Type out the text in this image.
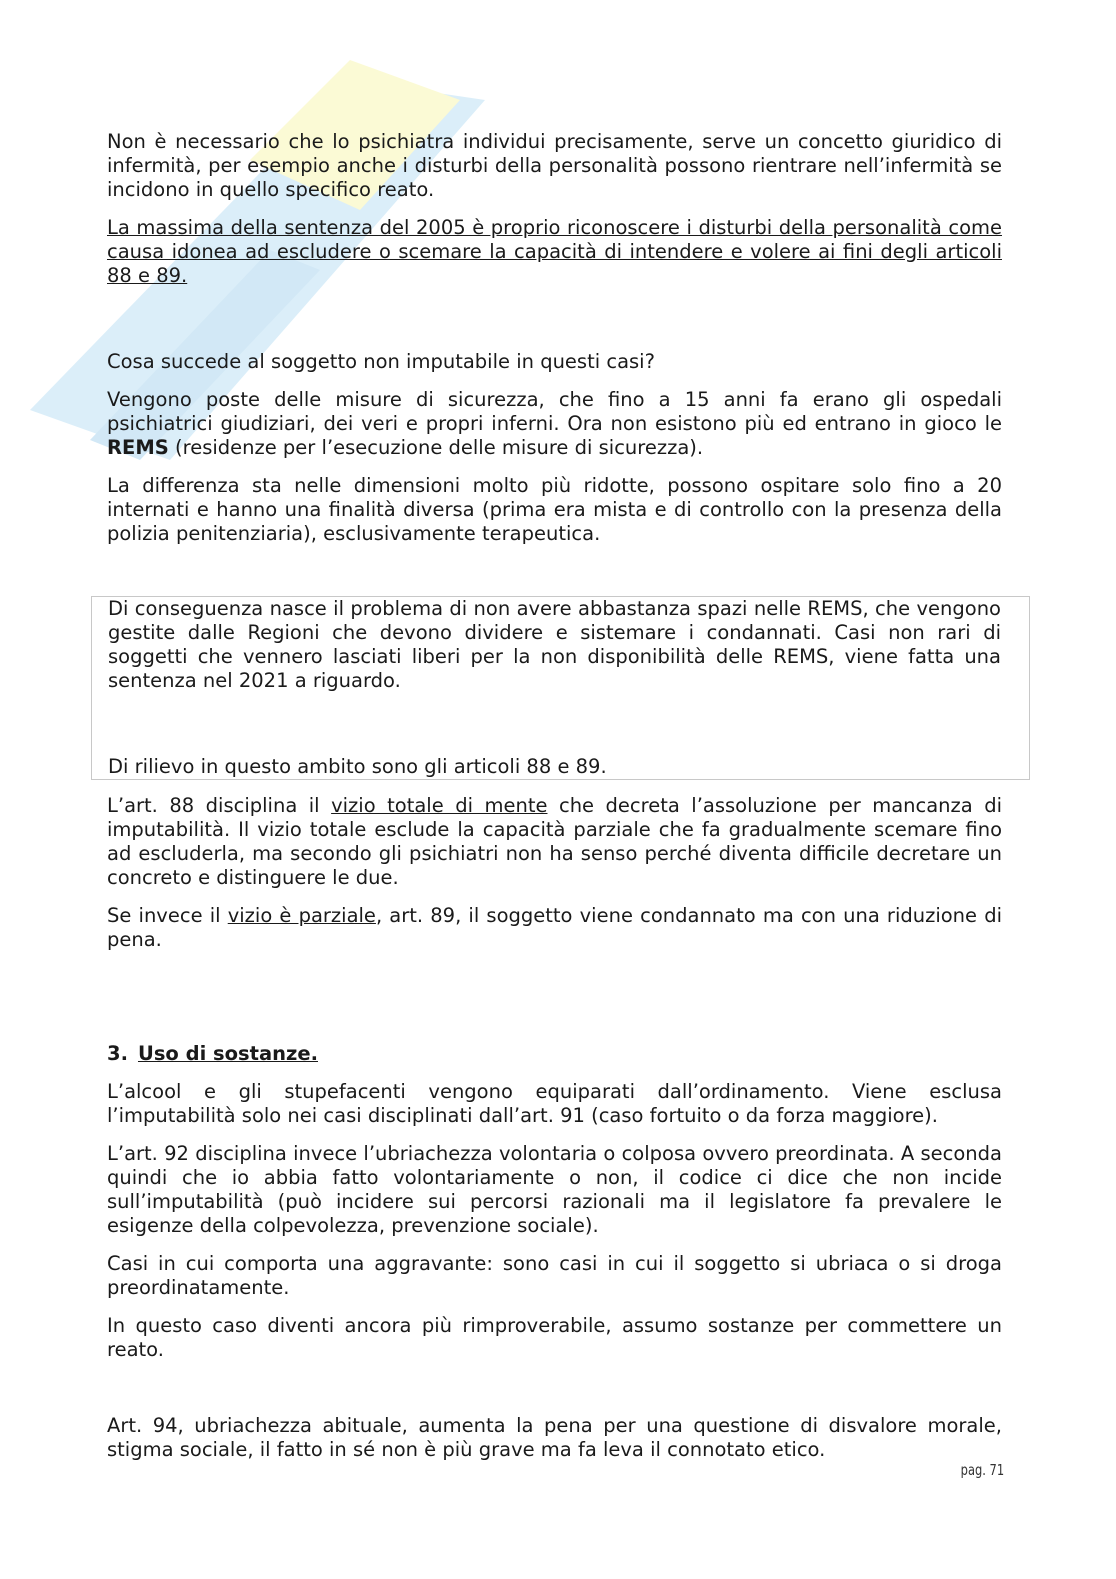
Non è necessario che lo psichiatra individui precisamente, serve un concetto giuridico di infermità, per esempio anche i disturbi della personalità possono rientrare nell’infermità se incidono in quello specifico reato.

La massima della sentenza del 2005 è proprio riconoscere i disturbi della personalità come causa idonea ad escludere o scemare la capacità di intendere e volere ai fini degli articoli 88 e 89.

Cosa succede al soggetto non imputabile in questi casi?

Vengono poste delle misure di sicurezza, che fino a 15 anni fa erano gli ospedali psichiatrici giudiziari, dei veri e propri inferni. Ora non esistono più ed entrano in gioco le REMS (residenze per l’esecuzione delle misure di sicurezza).

La differenza sta nelle dimensioni molto più ridotte, possono ospitare solo fino a 20 internati e hanno una finalità diversa (prima era mista e di controllo con la presenza della polizia penitenziaria), esclusivamente terapeutica.

Di conseguenza nasce il problema di non avere abbastanza spazi nelle REMS, che vengono gestite dalle Regioni che devono dividere e sistemare i condannati. Casi non rari di soggetti che vennero lasciati liberi per la non disponibilità delle REMS, viene fatta una sentenza nel 2021 a riguardo.

Di rilievo in questo ambito sono gli articoli 88 e 89.

L’art. 88 disciplina il vizio totale di mente che decreta l’assoluzione per mancanza di imputabilità. Il vizio totale esclude la capacità parziale che fa gradualmente scemare fino ad escluderla, ma secondo gli psichiatri non ha senso perché diventa difficile decretare un concreto e distinguere le due.

Se invece il vizio è parziale, art. 89, il soggetto viene condannato ma con una riduzione di pena.

3. Uso di sostanze.

L’alcool e gli stupefacenti vengono equiparati dall’ordinamento. Viene esclusa l’imputabilità solo nei casi disciplinati dall’art. 91 (caso fortuito o da forza maggiore).

L’art. 92 disciplina invece l’ubriachezza volontaria o colposa ovvero preordinata. A seconda quindi che io abbia fatto volontariamente o non, il codice ci dice che non incide sull’imputabilità (può incidere sui percorsi razionali ma il legislatore fa prevalere le esigenze della colpevolezza, prevenzione sociale).

Casi in cui comporta una aggravante: sono casi in cui il soggetto si ubriaca o si droga preordinatamente.

In questo caso diventi ancora più rimproverabile, assumo sostanze per commettere un reato.

Art. 94, ubriachezza abituale, aumenta la pena per una questione di disvalore morale, stigma sociale, il fatto in sé non è più grave ma fa leva il connotato etico.

pag. 71
